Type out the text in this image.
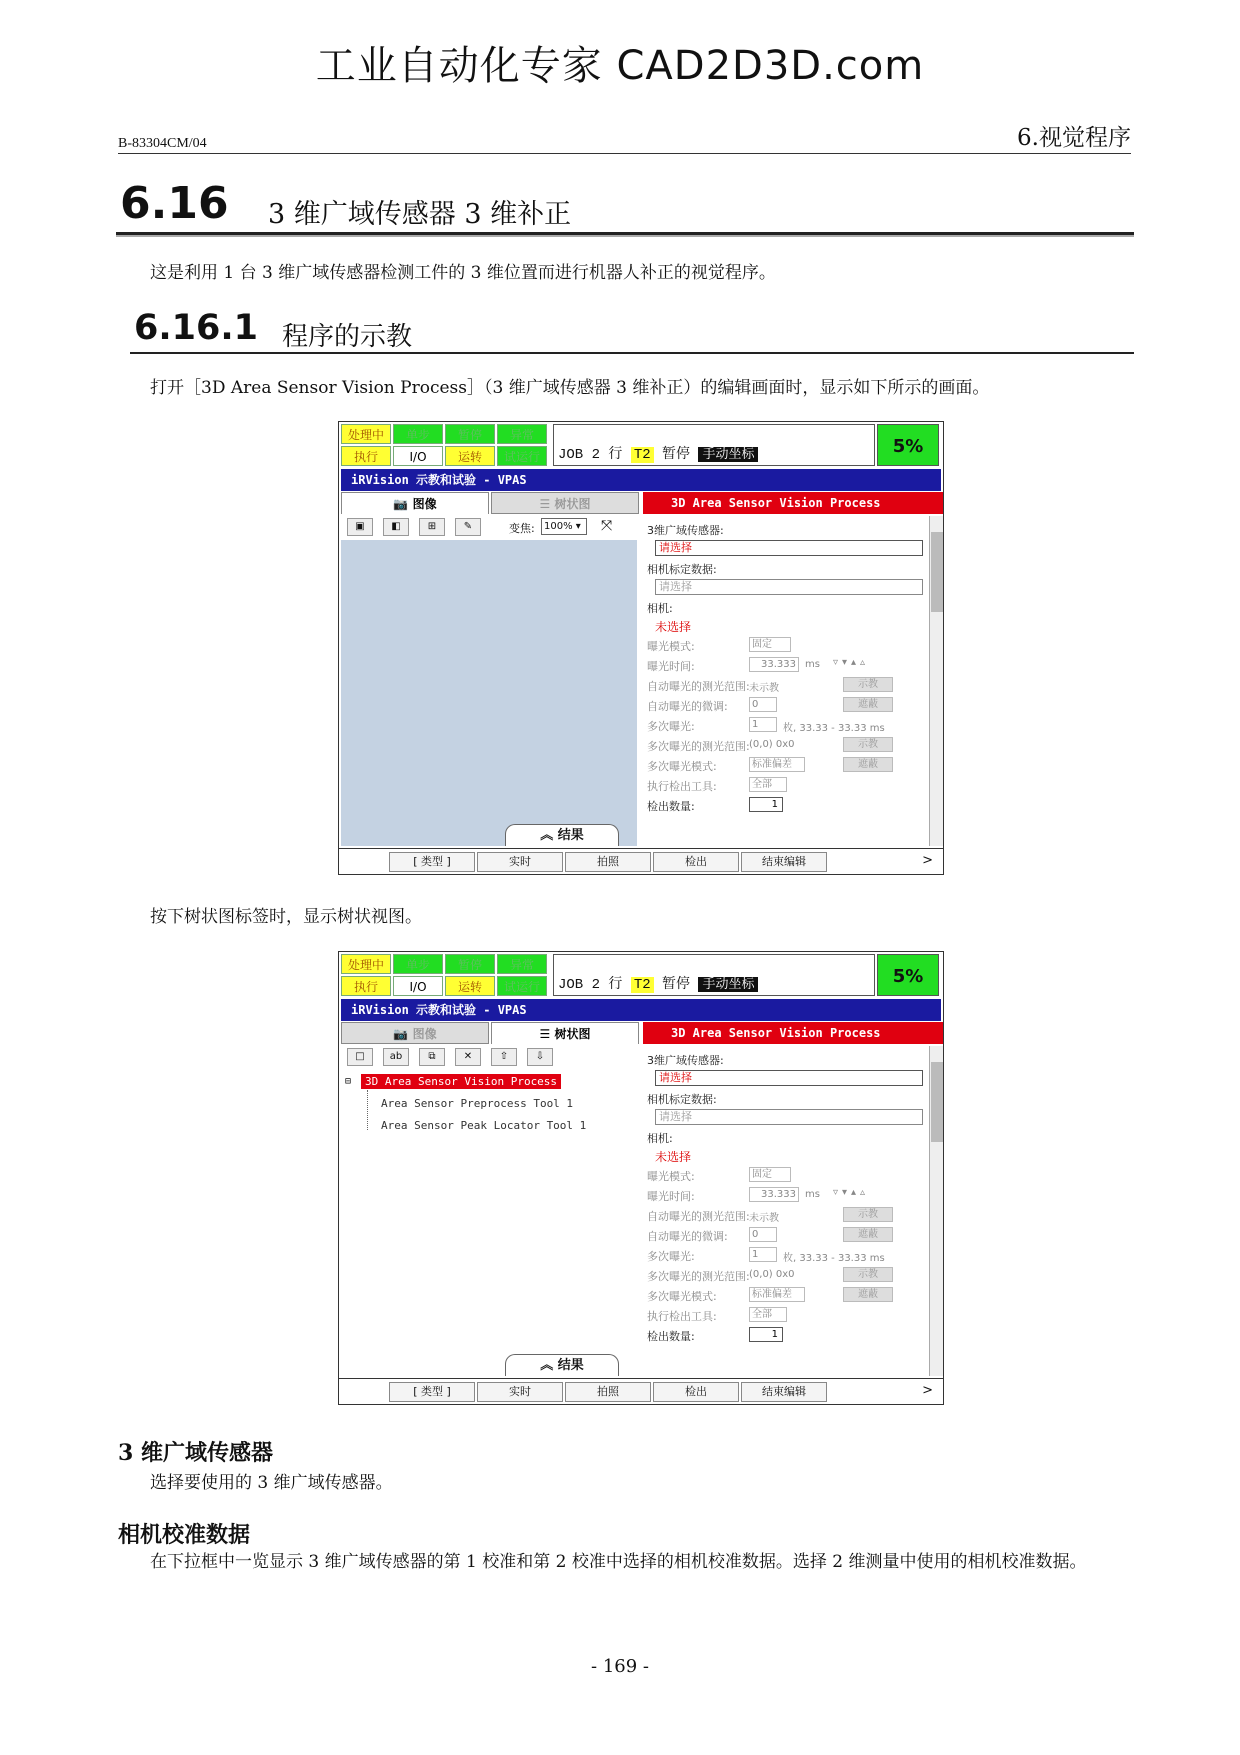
工业自动化专家 CAD2D3D.com
B-83304CM/04	6.视觉程序
6.16 3 维广域传感器 3 维补正

这是利用 1 台 3 维广域传感器检测工件的 3 维位置而进行机器人补正的视觉程序。

6.16.1 程序的示教

打开［3D Area Sensor Vision Process］（3 维广域传感器 3 维补正）的编辑画面时，显示如下所示的画面。

处理中	单步	暂停	异常
执行	I/O	运转	试运行	JOB 2 行 T2 暂停 手动坐标	5%
iRVision 示教和试验 - VPAS
📷 图像	☰ 树状图
▣	◧	⊞	✎	变焦: 100% ▾	⤧
︽ 结果
3D Area Sensor Vision Process
3维广域传感器:
请选择
相机标定数据:
请选择
相机:
未选择
曝光模式:	固定
曝光时间:	33.333 ms ▿▾▴▵
自动曝光的测光范围: 未示教	示教
自动曝光的微调:	0	遮蔽
多次曝光:	1	枚, 33.33 - 33.33 ms
多次曝光的测光范围: (0,0) 0x0	示教
多次曝光模式:	标准偏差	遮蔽
执行检出工具:	全部
检出数量:	1
[ 类型 ]	实时	拍照	检出	结束编辑	>

按下树状图标签时，显示树状视图。

处理中	单步	暂停	异常
执行	I/O	运转	试运行	JOB 2 行 T2 暂停 手动坐标	5%
iRVision 示教和试验 - VPAS
📷 图像	☰ 树状图
□	ab	⧉	✕	⇧	⇩
⊟	3D Area Sensor Vision Process
Area Sensor Preprocess Tool 1
Area Sensor Peak Locator Tool 1
︽ 结果
3D Area Sensor Vision Process
3维广域传感器:
请选择
相机标定数据:
请选择
相机:
未选择
曝光模式:	固定
曝光时间:	33.333 ms ▿▾▴▵
自动曝光的测光范围: 未示教	示教
自动曝光的微调:	0	遮蔽
多次曝光:	1	枚, 33.33 - 33.33 ms
多次曝光的测光范围: (0,0) 0x0	示教
多次曝光模式:	标准偏差	遮蔽
执行检出工具:	全部
检出数量:	1
[ 类型 ]	实时	拍照	检出	结束编辑	>
3 维广域传感器

选择要使用的 3 维广域传感器。

相机校准数据

在下拉框中一览显示 3 维广域传感器的第 1 校准和第 2 校准中选择的相机校准数据。选择 2 维测量中使用的相机校准数据。

- 169 -
